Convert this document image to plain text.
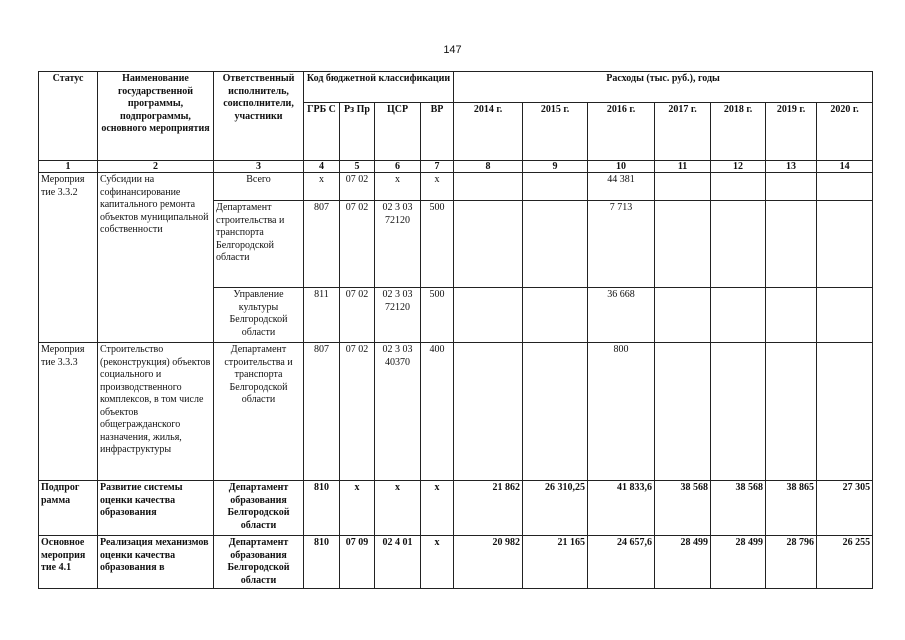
147
Статус	Наименование государственной программы, подпрограммы, основного мероприятия	Ответственный исполнитель, соисполнители, участники	Код бюджетной классификации				Расходы (тыс. руб.), годы						
			ГРБ С	Рз Пр	ЦСР	ВР	2014 г.	2015 г.	2016 г.	2017 г.	2018 г.	2019 г.	2020 г.
1	2	3	4	5	6	7	8	9	10	11	12	13	14
Мероприя тие 3.3.2	Субсидии на софинансирование капитального ремонта объектов муниципальной собственности	Всего	х	07 02	х	х			44 381				
		Департамент строительства и транспорта Белгородской области	807	07 02	02 3 03 72120	500			7 713				
		Управление культуры Белгородской области	811	07 02	02 3 03 72120	500			36 668				
Мероприя тие 3.3.3	Строительство (реконструкция) объектов социального и производственного комплексов, в том числе объектов общегражданского назначения, жилья, инфраструктуры	Департамент строительства и транспорта Белгородской области	807	07 02	02 3 03 40370	400			800				
Подпрог рамма	Развитие системы оценки качества образования	Департамент образования Белгородской области	810	х	х	х	21 862	26 310,25	41 833,6	38 568	38 568	38 865	27 305
Основное мероприя тие 4.1	Реализация механизмов оценки качества образования в	Департамент образования Белгородской области	810	07 09	02 4 01	х	20 982	21 165	24 657,6	28 499	28 499	28 796	26 255
